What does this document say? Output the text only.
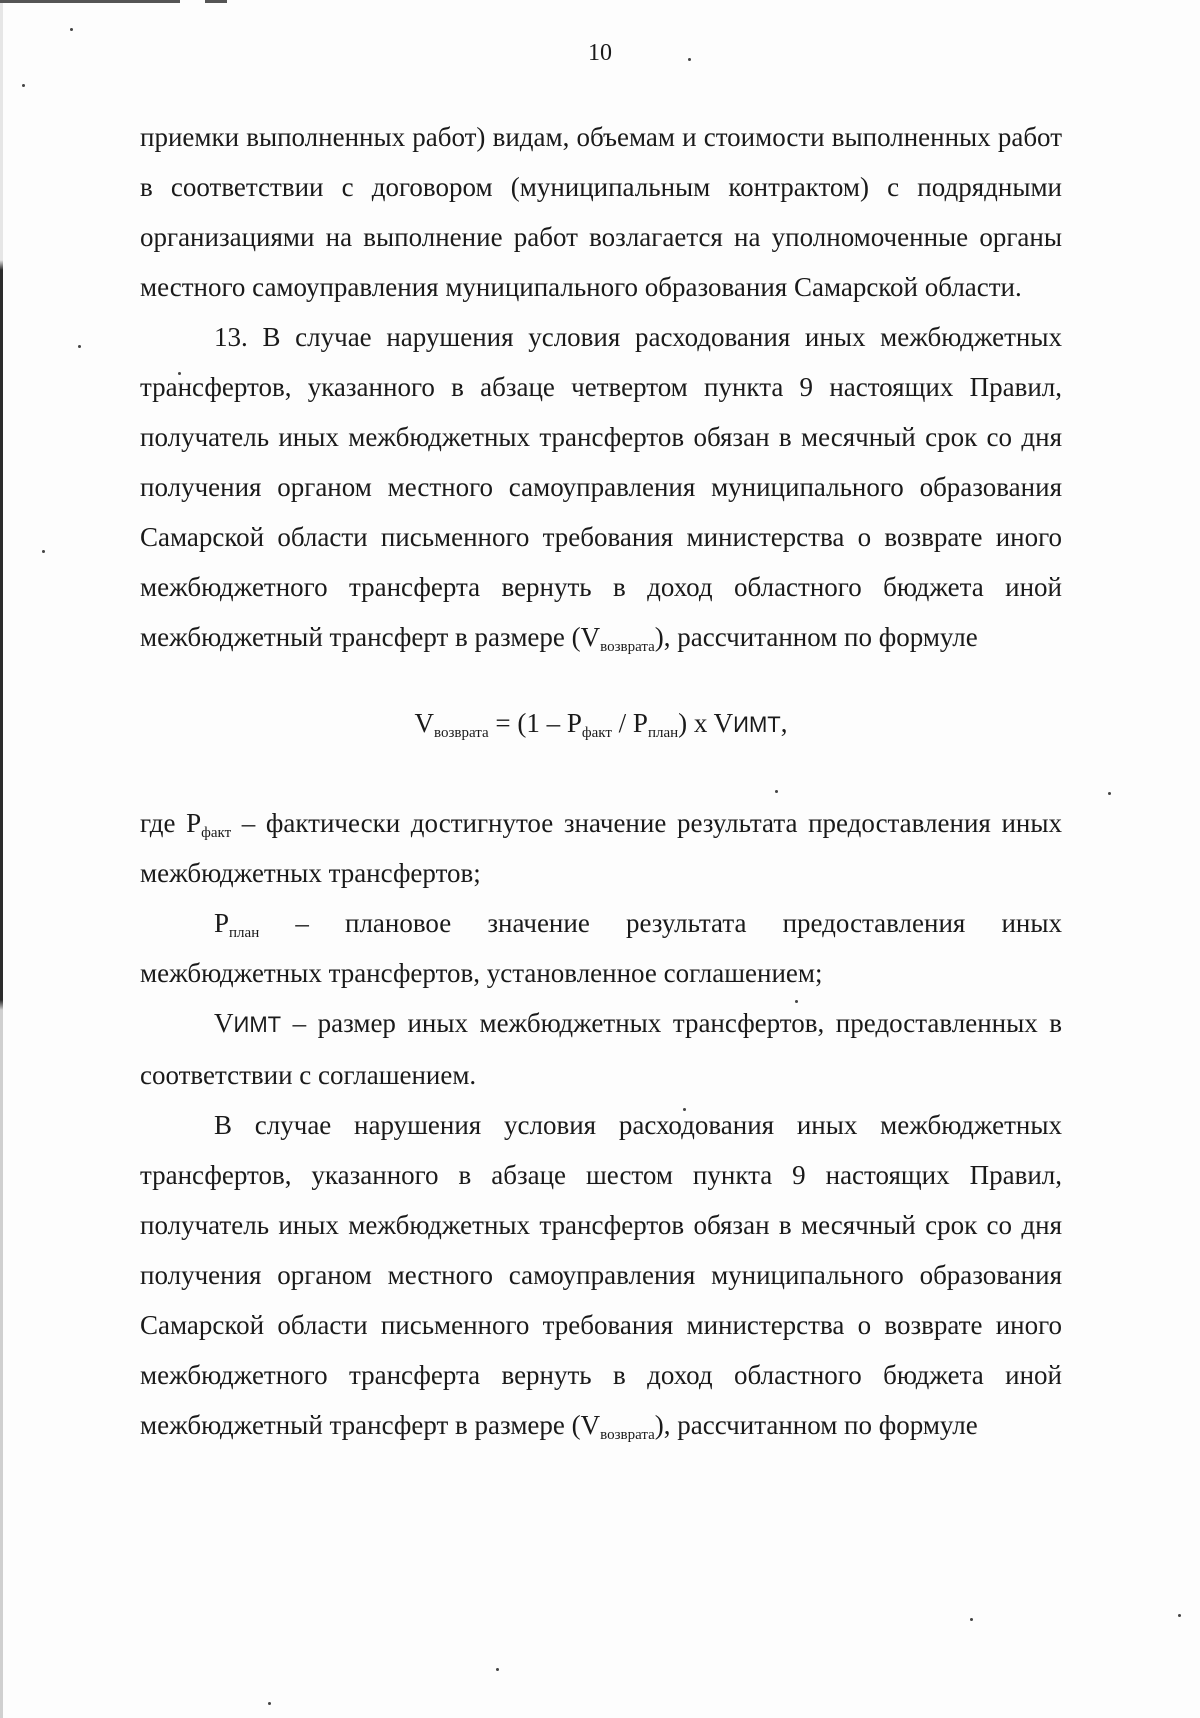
10

приемки выполненных работ) видам, объемам и стоимости выполненных работ в соответствии с договором (муниципальным контрактом) с подрядными организациями на выполнение работ возлагается на уполномоченные органы местного самоуправления муниципального образования Самарской области.

13. В случае нарушения условия расходования иных межбюджетных трансфертов, указанного в абзаце четвертом пункта 9 настоящих Правил, получатель иных межбюджетных трансфертов обязан в месячный срок со дня получения органом местного самоуправления муниципального образования Самарской области письменного требования министерства о возврате иного межбюджетного трансферта вернуть в доход областного бюджета иной межбюджетный трансферт в размере $(V_{возврата})$, рассчитанном по формуле

$V_{возврата} = (1 - P_{факт} / P_{план})$ x VИМТ,

где $P_{факт}$ – фактически достигнутое значение результата предоставления иных межбюджетных трансфертов;

$P_{план}$ – плановое значение результата предоставления иных межбюджетных трансфертов, установленное соглашением;

VИМТ – размер иных межбюджетных трансфертов, предоставленных в соответствии с соглашением.

В случае нарушения условия расходования иных межбюджетных трансфертов, указанного в абзаце шестом пункта 9 настоящих Правил, получатель иных межбюджетных трансфертов обязан в месячный срок со дня получения органом местного самоуправления муниципального образования Самарской области письменного требования министерства о возврате иного межбюджетного трансферта вернуть в доход областного бюджета иной межбюджетный трансферт в размере $(V_{возврата})$, рассчитанном по формуле
